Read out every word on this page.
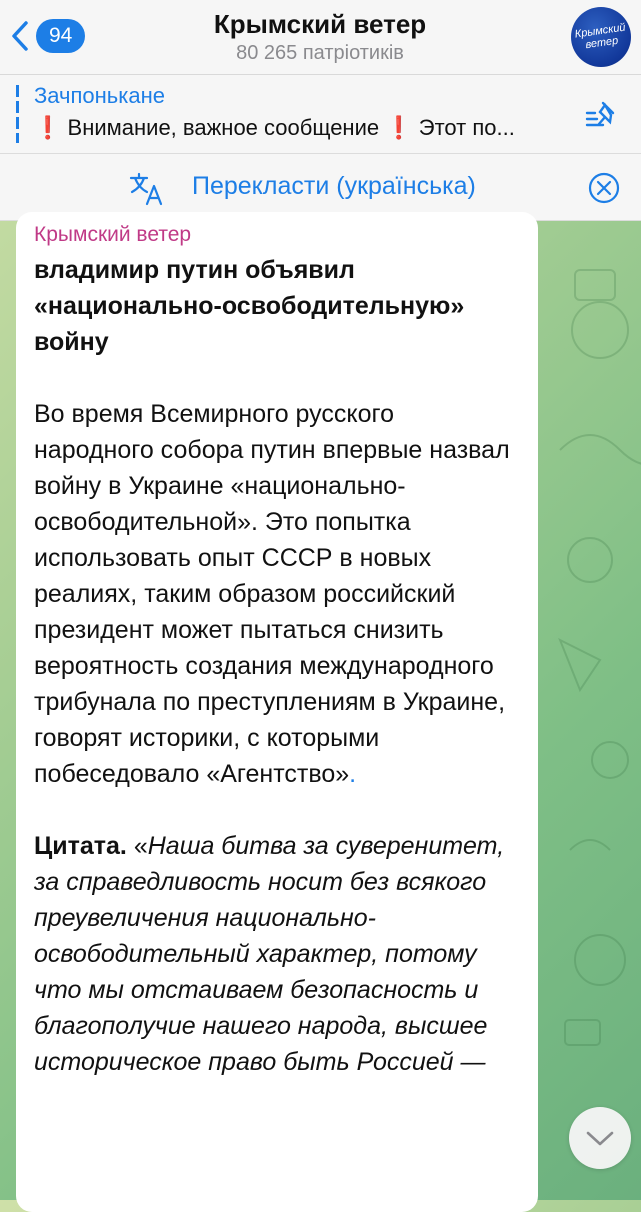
94	Крымский ветер
80 265 патріотиків
Крымский ветер
Зачпонькане
❗ Внимание, важное сообщение ❗ Этот по...
Перекласти (українська)
Крымский ветер
владимир путин объявил «национально-освободительную» войну
Во время Всемирного русского народного собора путин впервые назвал войну в Украине «национально-освободительной». Это попытка использовать опыт СССР в новых реалиях, таким образом российский президент может пытаться снизить вероятность создания международного трибунала по преступлениям в Украине, говорят историки, с которыми побеседовало «Агентство».
Цитата. «Наша битва за суверенитет, за справедливость носит без всякого преувеличения национально-освободительный характер, потому что мы отстаиваем безопасность и благополучие нашего народа, высшее историческое право быть Россией —
